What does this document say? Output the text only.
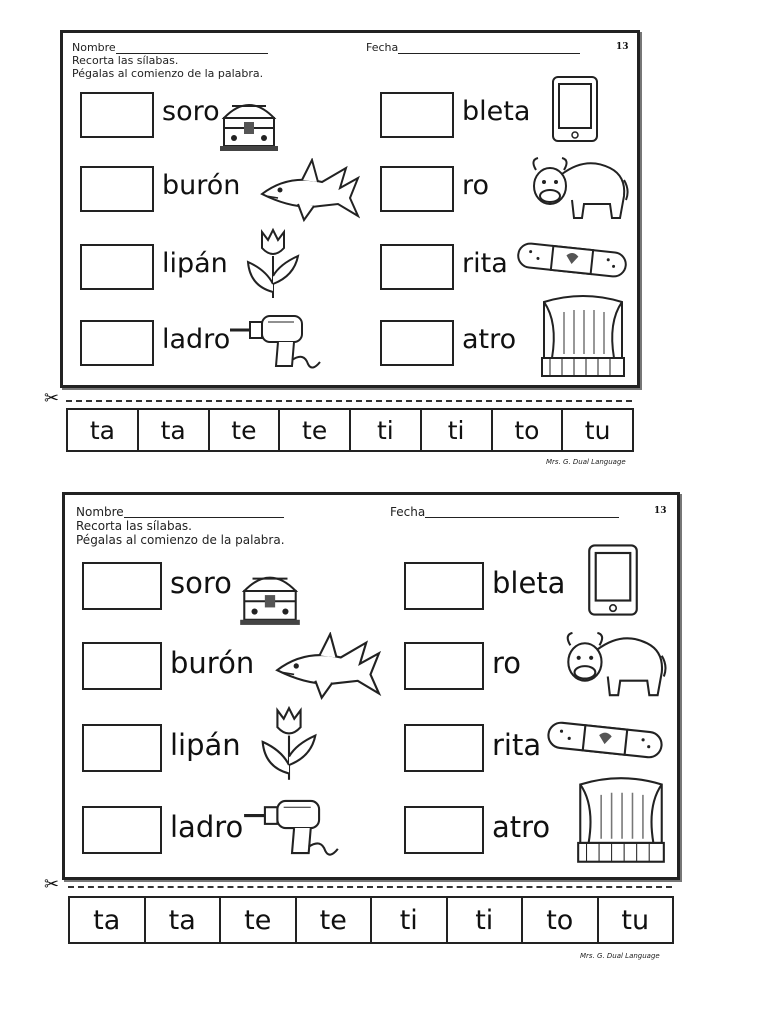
Nombre	Fecha	13
Recorta las sílabas.
Pégalas al comienzo de la palabra.
soro
burón
lipán
ladro
bleta
ro
rita
atro
✂
ta	ta	te	te	ti	ti	to	tu
Mrs. G. Dual Language
Nombre	Fecha	13
Recorta las sílabas.
Pégalas al comienzo de la palabra.
soro
burón
lipán
ladro
bleta
ro
rita
atro
✂
ta	ta	te	te	ti	ti	to	tu
Mrs. G. Dual Language
